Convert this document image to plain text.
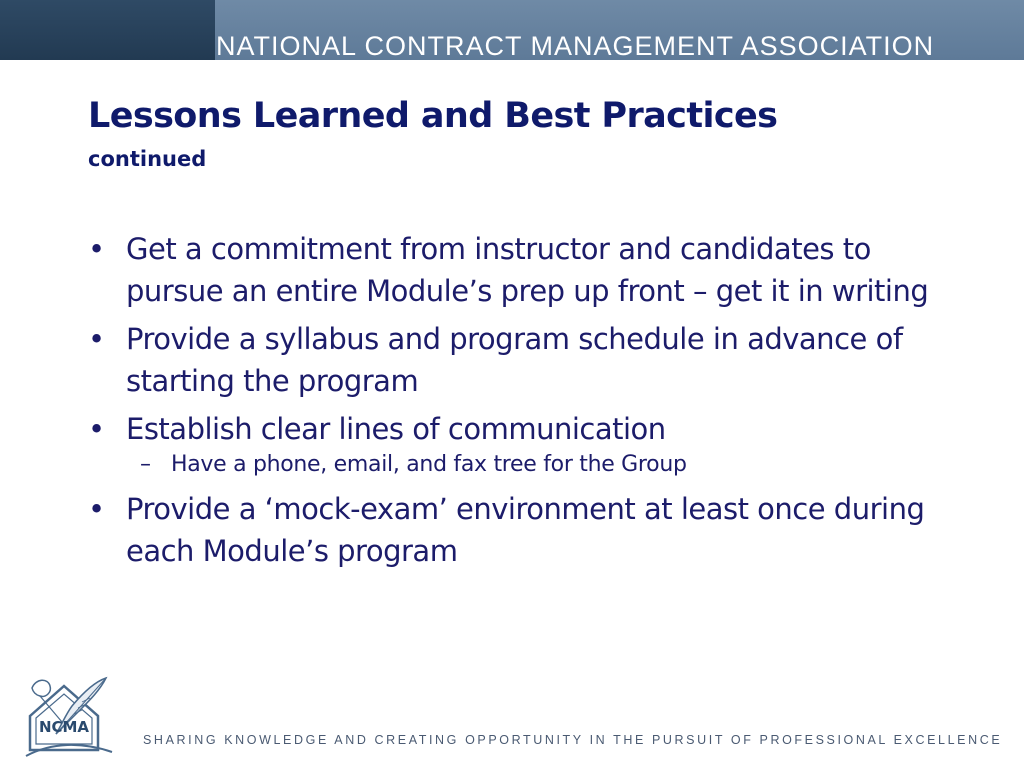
NATIONAL CONTRACT MANAGEMENT ASSOCIATION
Lessons Learned and Best Practices
continued
• Get a commitment from instructor and candidates to pursue an entire Module’s prep up front – get it in writing
• Provide a syllabus and program schedule in advance of starting the program
• Establish clear lines of communication
– Have a phone, email, and fax tree for the Group
• Provide a ‘mock-exam’ environment at least once during each Module’s program
NCMA
SHARING KNOWLEDGE AND CREATING OPPORTUNITY IN THE PURSUIT OF PROFESSIONAL EXCELLENCE
